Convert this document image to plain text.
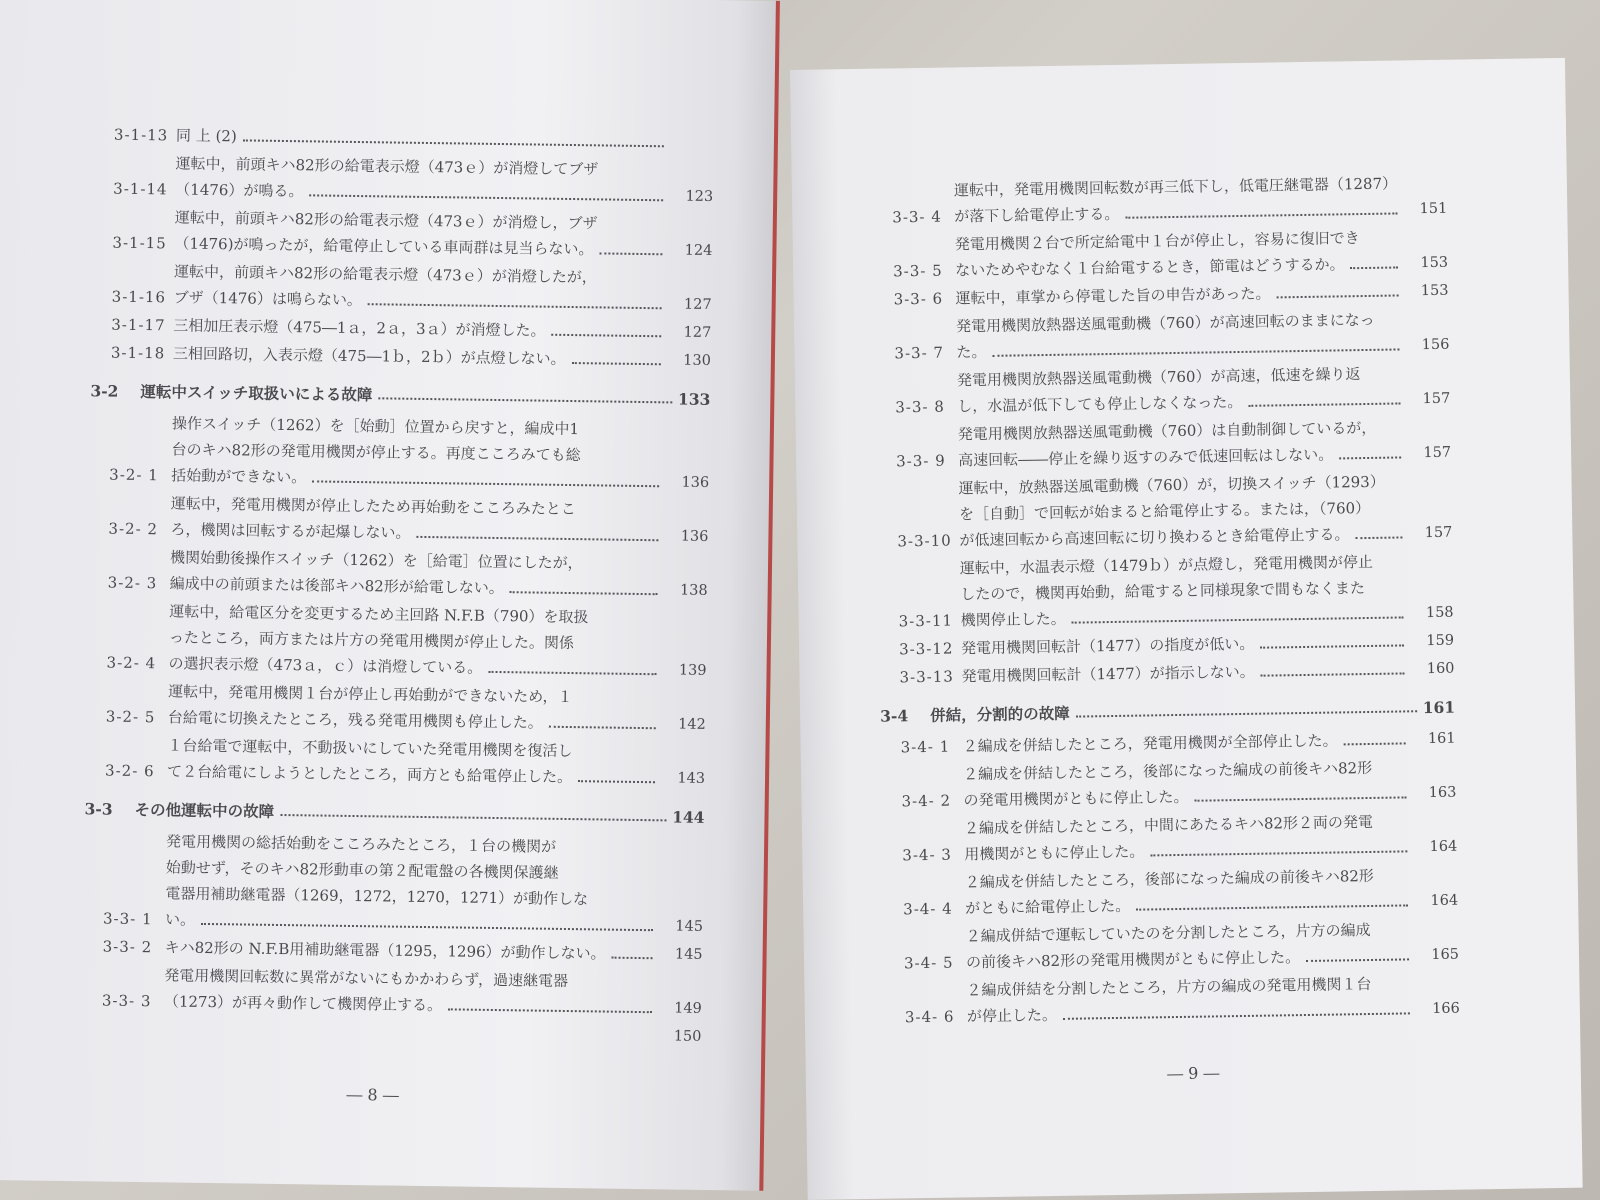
3-1-13 同 上 (2)
3-1-14
運転中，前頭キハ82形の給電表示燈（473ｅ）が消燈してブザ
（1476）が鳴る。	123
3-1-15
運転中，前頭キハ82形の給電表示燈（473ｅ）が消燈し，ブザ
（1476)が鳴ったが，給電停止している車両群は見当らない。	124
3-1-16
運転中，前頭キハ82形の給電表示燈（473ｅ）が消燈したが，
ブザ（1476）は鳴らない。	127
3-1-17 三相加圧表示燈（475―1ａ，2ａ，3ａ）が消燈した。	127
3-1-18 三相回路切，入表示燈（475―1ｂ，2ｂ）が点燈しない。	130
3-2	運転中スイッチ取扱いによる故障	133
3-2- 1
操作スイッチ（1262）を［始動］位置から戻すと，編成中1
台のキハ82形の発電用機関が停止する。再度こころみても総
括始動ができない。	136
3-2- 2
運転中，発電用機関が停止したため再始動をこころみたとこ
ろ，機関は回転するが起爆しない。	136
3-2- 3
機関始動後操作スイッチ（1262）を［給電］位置にしたが，
編成中の前頭または後部キハ82形が給電しない。	138
3-2- 4
運転中，給電区分を変更するため主回路 N.F.B（790）を取扱
ったところ，両方または片方の発電用機関が停止した。関係
の選択表示燈（473ａ，ｃ）は消燈している。	139
3-2- 5
運転中，発電用機関１台が停止し再始動ができないため，１
台給電に切換えたところ，残る発電用機関も停止した。	142
3-2- 6
１台給電で運転中，不動扱いにしていた発電用機関を復活し
て２台給電にしようとしたところ，両方とも給電停止した。	143
3-3	その他運転中の故障	144
3-3- 1
発電用機関の総括始動をこころみたところ，１台の機関が
始動せず，そのキハ82形動車の第２配電盤の各機関保護継
電器用補助継電器（1269，1272，1270，1271）が動作しな
い。	145
3-3- 2 キハ82形の N.F.B用補助継電器（1295，1296）が動作しない。	145
3-3- 3
発電用機関回転数に異常がないにもかかわらず，過速継電器
（1273）が再々動作して機関停止する。	149
150
― 8 ―
3-3- 4
運転中，発電用機関回転数が再三低下し，低電圧継電器（1287）
が落下し給電停止する。	151
3-3- 5
発電用機関２台で所定給電中１台が停止し，容易に復旧でき
ないためやむなく１台給電するとき，節電はどうするか。	153
3-3- 6 運転中，車掌から停電した旨の申告があった。	153
3-3- 7
発電用機関放熱器送風電動機（760）が高速回転のままになっ
た。	156
3-3- 8
発電用機関放熱器送風電動機（760）が高速，低速を繰り返
し，水温が低下しても停止しなくなった。	157
3-3- 9
発電用機関放熱器送風電動機（760）は自動制御しているが，
高速回転――停止を繰り返すのみで低速回転はしない。	157
3-3-10
運転中，放熱器送風電動機（760）が，切換スイッチ（1293）
を［自動］で回転が始まると給電停止する。または，（760）
が低速回転から高速回転に切り換わるとき給電停止する。	157
3-3-11
運転中，水温表示燈（1479ｂ）が点燈し，発電用機関が停止
したので，機関再始動，給電すると同様現象で間もなくまた
機関停止した。	158
3-3-12 発電用機関回転計（1477）の指度が低い。	159
3-3-13 発電用機関回転計（1477）が指示しない。	160
3-4	併結，分割的の故障	161
3-4- 1 ２編成を併結したところ，発電用機関が全部停止した。	161
3-4- 2
２編成を併結したところ，後部になった編成の前後キハ82形
の発電用機関がともに停止した。	163
3-4- 3
２編成を併結したところ，中間にあたるキハ82形２両の発電
用機関がともに停止した。	164
3-4- 4
２編成を併結したところ，後部になった編成の前後キハ82形
がともに給電停止した。	164
3-4- 5
２編成併結で運転していたのを分割したところ，片方の編成
の前後キハ82形の発電用機関がともに停止した。	165
3-4- 6
２編成併結を分割したところ，片方の編成の発電用機関１台
が停止した。	166
― 9 ―
